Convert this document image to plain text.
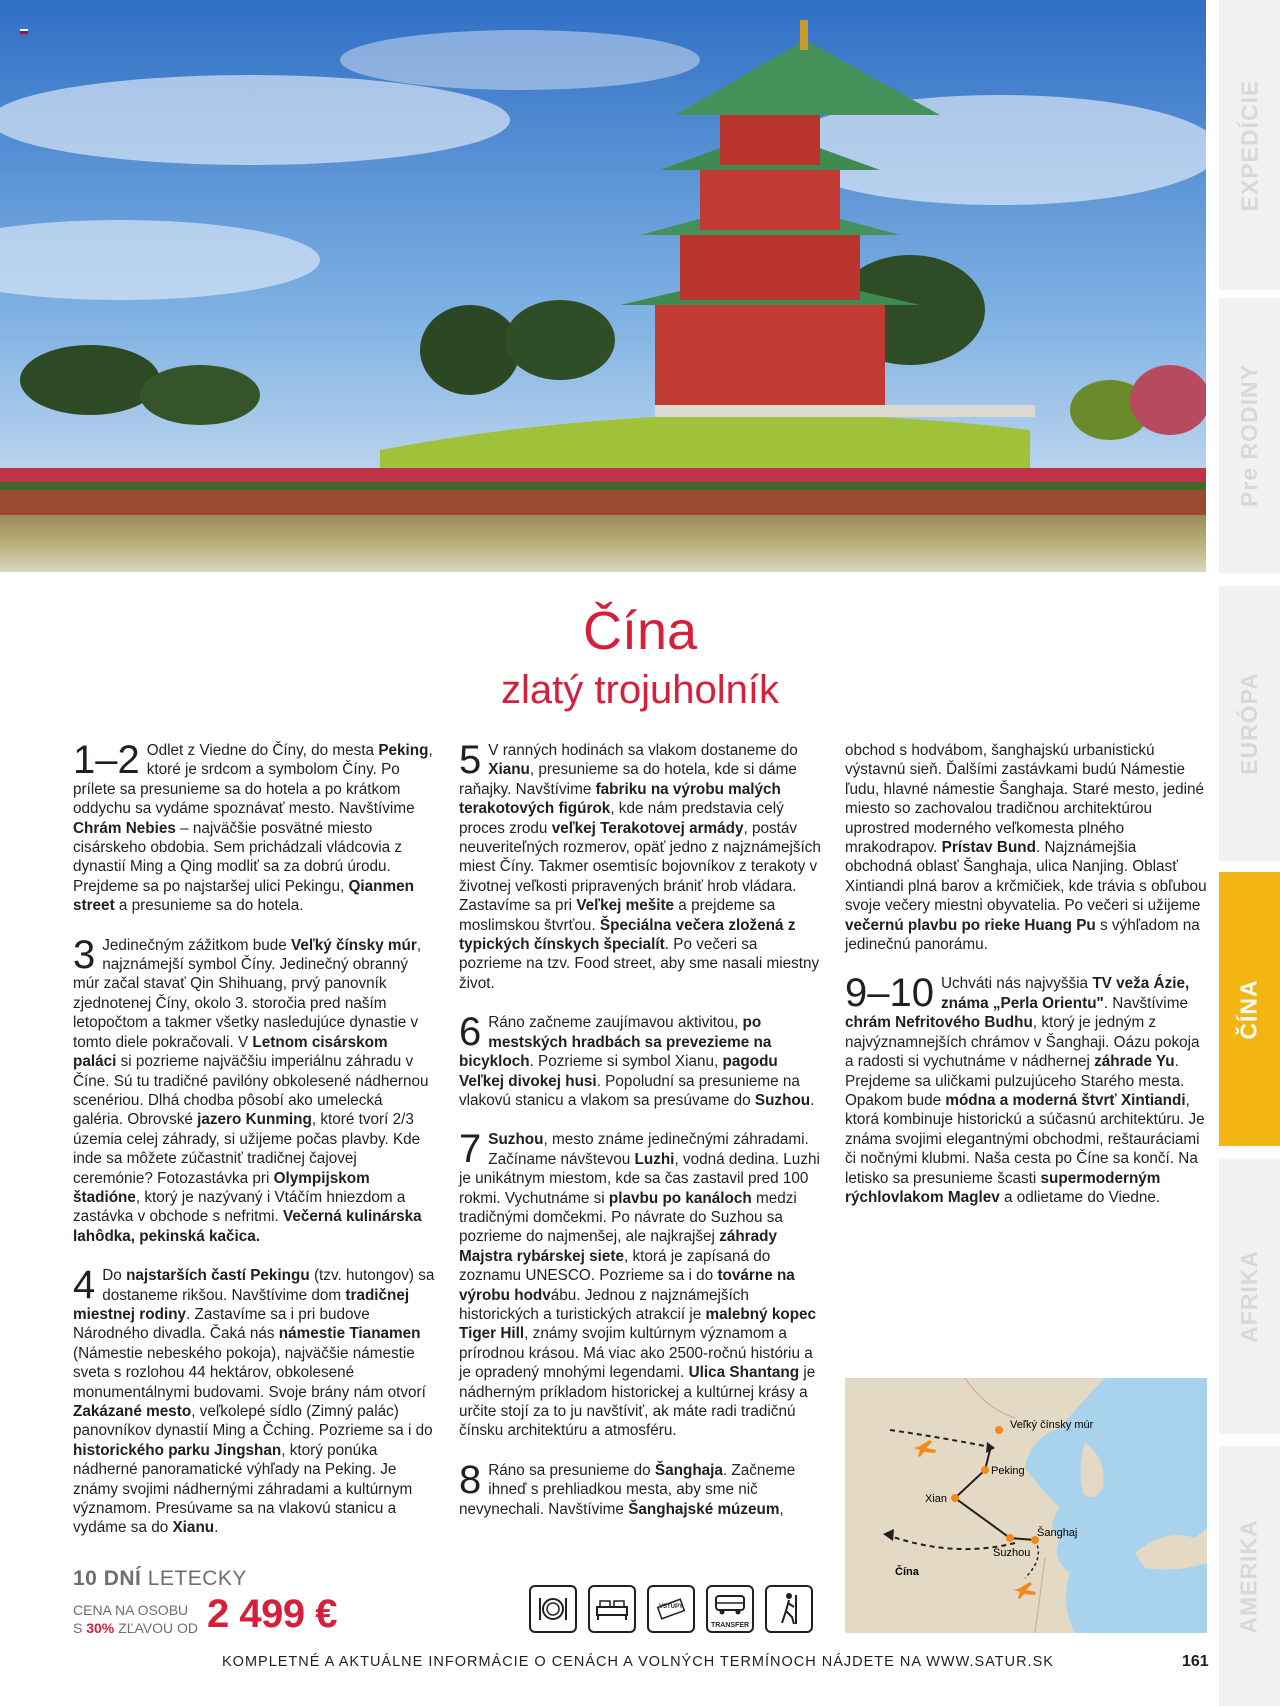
EXPEDÍCIE
Pre RODINY
EURÓPA
ČÍNA
AFRIKA
AMERIKA
Čína
zlatý trojuholník

1–2 Odlet z Viedne do Číny, do mesta Peking, ktoré je srdcom a symbolom Číny. Po prílete sa presunieme sa do hotela a po krátkom oddychu sa vydáme spoznávať mesto. Navštívime Chrám Nebies – najväčšie posvätné miesto cisárskeho obdobia. Sem prichádzali vládcovia z dynastií Ming a Qing modliť sa za dobrú úrodu. Prejdeme sa po najstaršej ulici Pekingu, Qianmen street a presunieme sa do hotela.

3 Jedinečným zážitkom bude Veľký čínsky múr, najznámejší symbol Číny. Jedinečný obranný múr začal stavať Qin Shihuang, prvý panovník zjednotenej Číny, okolo 3. storočia pred naším letopočtom a takmer všetky nasledujúce dynastie v tomto diele pokračovali. V Letnom cisárskom paláci si pozrieme najväčšiu imperiálnu záhradu v Číne. Sú tu tradičné pavilóny obkolesené nádhernou scenériou. Dlhá chodba pôsobí ako umelecká galéria. Obrovské jazero Kunming, ktoré tvorí 2/3 územia celej záhrady, si užijeme počas plavby. Kde inde sa môžete zúčastniť tradičnej čajovej ceremónie? Fotozastávka pri Olympijskom štadióne, ktorý je nazývaný i Vtáčím hniezdom a zastávka v obchode s nefritmi. Večerná kulinárska lahôdka, pekinská kačica.

4 Do najstarších častí Pekingu (tzv. hutongov) sa dostaneme rikšou. Navštívime dom tradičnej miestnej rodiny. Zastavíme sa i pri budove Národného divadla. Čaká nás námestie Tianamen (Námestie nebeského pokoja), najväčšie námestie sveta s rozlohou 44 hektárov, obkolesené monumentálnymi budovami. Svoje brány nám otvorí Zakázané mesto, veľkolepé sídlo (Zimný palác) panovníkov dynastií Ming a Čching. Pozrieme sa i do historického parku Jingshan, ktorý ponúka nádherné panoramatické výhľady na Peking. Je známy svojimi nádhernými záhradami a kultúrnym významom. Presúvame sa na vlakovú stanicu a vydáme sa do Xianu.

5 V ranných hodinách sa vlakom dostaneme do Xianu, presunieme sa do hotela, kde si dáme raňajky. Navštívime fabriku na výrobu malých terakotových figúrok, kde nám predstavia celý proces zrodu veľkej Terakotovej armády, postáv neuveriteľných rozmerov, opäť jedno z najznámejších miest Číny. Takmer osemtisíc bojovníkov z terakoty v životnej veľkosti pripravených brániť hrob vládara. Zastavíme sa pri Veľkej mešite a prejdeme sa moslimskou štvrťou. Špeciálna večera zložená z typických čínskych špecialít. Po večeri sa pozrieme na tzv. Food street, aby sme nasali miestny život.

6 Ráno začneme zaujímavou aktivitou, po mestských hradbách sa prevezieme na bicykloch. Pozrieme si symbol Xianu, pagodu Veľkej divokej husi. Popoludní sa presunieme na vlakovú stanicu a vlakom sa presúvame do Suzhou.

7 Suzhou, mesto známe jedinečnými záhradami. Začíname návštevou Luzhi, vodná dedina. Luzhi je unikátnym miestom, kde sa čas zastavil pred 100 rokmi. Vychutnáme si plavbu po kanáloch medzi tradičnými domčekmi. Po návrate do Suzhou sa pozrieme do najmenšej, ale najkrajšej záhrady Majstra rybárskej siete, ktorá je zapísaná do zoznamu UNESCO. Pozrieme sa i do továrne na výrobu hodvábu. Jednou z najznámejších historických a turistických atrakcií je malebný kopec Tiger Hill, známy svojim kultúrnym významom a prírodnou krásou. Má viac ako 2500-ročnú históriu a je opradený mnohými legendami. Ulica Shantang je nádherným príkladom historickej a kultúrnej krásy a určite stojí za to ju navštíviť, ak máte radi tradičnú čínsku architektúru a atmosféru.

8 Ráno sa presunieme do Šanghaja. Začneme ihneď s prehliadkou mesta, aby sme nič nevynechali. Navštívime Šanghajské múzeum,

obchod s hodvábom, šanghajskú urbanistickú výstavnú sieň. Ďalšími zastávkami budú Námestie ľudu, hlavné námestie Šanghaja. Staré mesto, jediné miesto so zachovalou tradičnou architektúrou uprostred moderného veľkomesta plného mrakodrapov. Prístav Bund. Najznámejšia obchodná oblasť Šanghaja, ulica Nanjing. Oblasť Xintiandi plná barov a krčmičiek, kde trávia s obľubou svoje večery miestni obyvatelia. Po večeri si užijeme večernú plavbu po rieke Huang Pu s výhľadom na jedinečnú panorámu.

9–10 Uchváti nás najvyššia TV veža Ázie, známa „Perla Orientu". Navštívime chrám Nefritového Budhu, ktorý je jedným z najvýznamnejších chrámov v Šanghaji. Oázu pokoja a radosti si vychutnáme v nádhernej záhrade Yu. Prejdeme sa uličkami pulzujúceho Starého mesta. Opakom bude módna a moderná štvrť Xintiandi, ktorá kombinuje historickú a súčasnú architektúru. Je známa svojimi elegantnými obchodmi, reštauráciami či nočnými klubmi. Naša cesta po Číne sa končí. Na letisko sa presunieme šcasti supermoderným rýchlovlakom Maglev a odlietame do Viedne.

Veľký čínsky múr
Peking
Xian
Šanghaj
Suzhou
Čína
10 DNÍ LETECKY
CENA NA OSOBU
S 30% ZĽAVOU OD 2 499 €	VSTUPY
TRANSFER
KOMPLETNÉ A AKTUÁLNE INFORMÁCIE O CENÁCH A VOLNÝCH TERMÍNOCH NÁJDETE NA WWW.SATUR.SK	161
